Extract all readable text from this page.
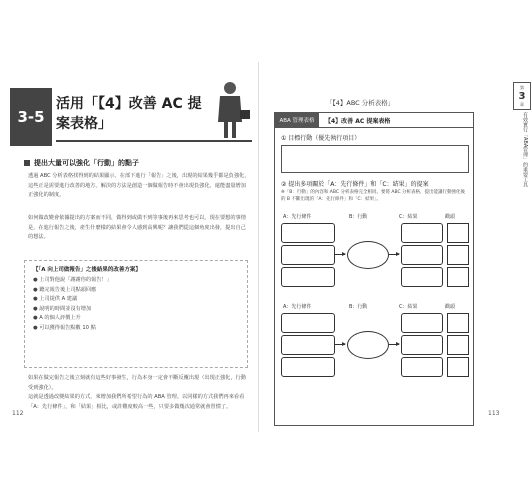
3-5
活用「【4】改善 AC 提案表格」
提出大量可以強化「行動」的點子
透過 ABC 分析表格找得到的結果顯示，在部下進行「報告」之後，出現的結果幾乎都是負強化，這些正是需要進行改善的地方。解決的方法是創造一個做報告時不會出現負強化，還能盡量增加正強化的制度。
如何做改變會依據提出的方案而不同，做得到或做不到等事後再來思考也可以，現在要想的事情是，在進行報告之後，產生什麼樣的結果會令人感到高興呢？讓我們從這個角度出發，提出自己的想法。
【「A 向上司做報告」之後結果的改善方案】
● 上司對他說「謝謝你的報告！」
● 聽完報告後上司點頭回應
● 上司提供 A 建議
● 說明的時間並沒有增加
● A 的個人評價上升
● 可以獲得報告點數 10 點
如果在做完報告之後立刻就有這些好事發生，行為本身一定會不斷反覆出現（出現正強化，行動受到強化）。
這就是透過改變結果的方式，來增加我們所希望行為的 ABA 管理。以同樣的方式我們再來看看「A：先行條件」，和「結果」相比，或許難度較高一些，只要多做幾次通常就會習慣了。
112
「【4】ABC 分析表格」
ABA 管理表格	【4】改善 AC 提案表格
① 目標行動（優先執行項目）
② 提出多項關於「A：先行條件」和「C：結果」的提案
※「B：行動」的內容和 ABC 分析表格完全相同。要將 ABC 分析表格，提出能讓行動強化後的 B 不斷出現的「A：先行條件」和「C：結果」。
A：先行條件	B：行動	C：結果	戳頭
A：先行條件	B：行動	C：結果	戳頭
第
3
章
有效實行「ABA管理」的重要工具
113
